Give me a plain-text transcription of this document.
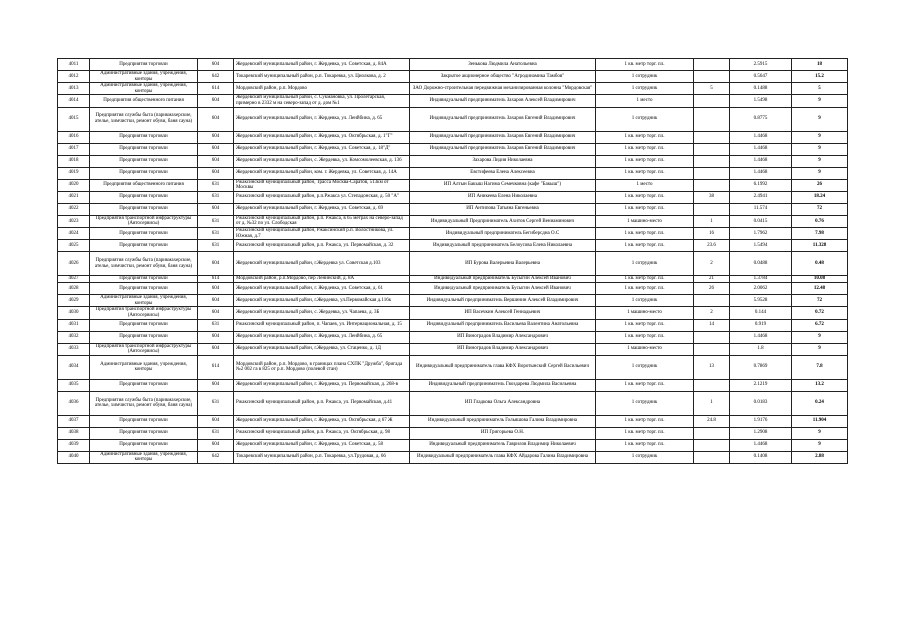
4011	Предприятия торговли	604	Жердевский муниципальный район, г. Жердевка, ул. Советская, д. 84А	Зенькова Людмила Анатольевна	1 кв. метр торг. пл.		2.5915	18
4012	Административные здания, учреждения, конторы	642	Токаревский муниципальный район, р.п. Токаревка, ул. Циолкова, д. 2	Закрытое акционерное общество "Агродинамика Тамбов"	1 сотрудник		0.5647	15.2
4013	Административные здания, учреждения, конторы	614	Мордовский район, р.п. Мордово	ЗАО Дорожно-строительная передвижная механизированная колонна "Мордовская"	1 сотрудник	5	0.1488	5
4014	Предприятия общественного питания	604	Жердевский муниципальный район, с. Сукмановка, ул. Пролетарская, примерно в 2332 м на северо-запад от д. дом №1	Индивидуальный предприниматель Захаров Алексей Владимирович	1 место		1.5498	9
4015	Предприятия службы быта (парикмахерские, ателье, химчистки, ремонт обуви, баня сауна)	604	Жердевский муниципальный район, г. Жердевка, ул. Ленйбина, д. 65	Индивидуальный предприниматель Захаров Евгений Владимирович	1 сотрудник		0.8775	9
4016	Предприятия торговли	604	Жердевский муниципальный район, г. Жердевка, ул. Октябрьская, д. 1"Г"	Индивидуальный предприниматель Захаров Евгений Владимирович	1 кв. метр торг. пл.		1.4468	9
4017	Предприятия торговли	604	Жердевский муниципальный район, г. Жердевка, ул. Советская, д. 18"Д"	Индивидуальный предприниматель Захаров Евгений Владимирович	1 кв. метр торг. пл.		1.4468	9
4018	Предприятия торговли	604	Жердевский муниципальный район, с. Жердевка, ул. Комсомолеевская, д. 136	Захарова Лидия Николаевна	1 кв. метр торг. пл.		1.4468	9
4019	Предприятия торговли	604	Жердевский муниципальный район, ком. г. Жердевка, ул. Советская, д. 14А	Евстифеева Елена Алексеевна	1 кв. метр торг. пл.		1.4468	9
4020	Предприятия общественного питания	631	Ржаксинский муниципальный район, Трасса Москва-Саратов, 513км от Москвы	ИП Алтын Бакыш Нагима Семечковна (кафе "Бакыш")	1 место		6.1992	26
4021	Предприятия торговли	631	Ржаксинский муниципальный район, р.п.Ржакса ул. Степадонская, д. 50 "А"	ИП Аникеева Елена Николаевна	1 кв. метр торг. пл.	38	2.4941	18.24
4022	Предприятия торговли	604	Жердевский муниципальный район, г. Жердевка, ул. Советская, д. 69	ИП Антипова Татьяна Евгеньевна	1 кв. метр торг. пл.		11.574	72
4023	Предприятия транспортной инфраструктуры (Автосервисы)	631	Ржаксинский муниципальный район, р.п. Ржакса, в 65 метрах на северо-запад от д. №32 по ул. Слободская	Индивидуальный Предприниматель Ахитов Сергей Вениаминович	1 машино-место	1	0.0415	0.76
4024	Предприятия торговли	631	Ржаксинский муниципальный район, Ржаксинский р.п. Волостникова, ул. Южная, д.7	Индивидуальный предприниматель Бегиберсдна О.С	1 кв. метр торг. пл.	16	1.7962	7.98
4025	Предприятия торговли	631	Ржаксинский муниципальный район, р.п. Ржакса, ул. Первомайская, д. 32	Индивидуальный предприниматель Белоусова Елена Николаевна	1 кв. метр торг. пл.	23.6	1.5494	11.328
4026	Предприятия службы быта (парикмахерские, ателье, химчистки, ремонт обуви, баня сауна)	604	Жердевский муниципальный район, г.Жердевка ул. Советская д.103	ИП Бурова Валерьевна Валерьевна	1 сотрудник	2	0.0488	0.48
4027	Предприятия торговли	614	Мордовский район, р.п.Мордово, пер Ленинский, д. 8А	Индивидуальный предприниматель Бусыгин Алексей Иванович	1 кв. метр торг. пл.	21	1.3784	10.08
4028	Предприятия торговли	604	Жердевский муниципальный район, г. Жердевка, ул. Советская, д. 61	Индивидуальный предприниматель Бусыгин Алексей Иванович	1 кв. метр торг. пл.	26	2.0062	12.48
4029	Административные здания, учреждения, конторы	604	Жердевский муниципальный район, г.Жердевка, ул.Первомайская д.116к	Индивидуальный предприниматель Вершинин Алексей Владимирович	1 сотрудник		5.9528	72
4030	Предприятия транспортной инфраструктуры (Автосервисы)	604	Жердевский муниципальный район, с. Жердевка, ул. Чапаева, д. 3Б	ИП Васечкин Алексей Геннадьевич	1 машино-место	2	0.144	0.72
4031	Предприятия торговли	631	Ржаксинский муниципальный район, п. Чапаев, ул. Интернациональная, д. 15	Индивидуальный предприниматель Васильева Валентина Анатольевна	1 кв. метр торг. пл.	14	0.919	6.72
4032	Предприятия торговли	604	Жердевский муниципальный район, г. Жердевка, ул. Ленйбина, д. 65	ИП Виноградов Владимир Александрович	1 кв. метр торг. пл.		1.4468	9
4033	Предприятия транспортной инфраструктуры (Автосервисы)	604	Жердевский муниципальный район, г.Жердевка, ул. Стаценко, д. 1Д	ИП Виноградов Владимир Александрович	1 машино-место		1.8	9
4034	Административные здания, учреждения, конторы	614	Мордовский район, р.п. Мордово, в границах плана СХПК "Дружба", бригада №2 002 га в 825 от р.п. Мордово (полевой стан)	Индивидуальный предприниматель глава КФХ Воротынский Сергей Васильевич	1 сотрудник	13	0.7869	7.8
4035	Предприятия торговли	604	Жердевский муниципальный район, г. Жердевка, ул. Первомайская, д. 268-в	Индивидуальный предприниматель Гвоздарева Людмила Васильевна	1 кв. метр торг. пл.		2.1219	13.2
4036	Предприятия службы быта (парикмахерские, ателье, химчистки, ремонт обуви, баня сауна)	631	Ржаксинский муниципальный район, р.п. Ржакса, ул. Первомайская, д.41	ИП Гладкова Ольга Александровна	1 сотрудник	1	0.0183	0.24
4037	Предприятия торговли	604	Жердевский муниципальный район, г. Жердевка, ул. Октябрьская, д 67 Ж	Индивидуальный предприниматель Гольяшова Галина Владимировна	1 кв. метр торг. пл.	24.8	1.9176	11.904
4038	Предприятия торговли	631	Ржаксинский муниципальный район, р.п. Ржакса, ул. Октябрьская, д. 98	ИП Григорьева О.Н.	1 кв. метр торг. пл.		1.2908	9
4039	Предприятия торговли	604	Жердевский муниципальный район, г. Жердевка, ул. Советская, д. 58	Индивидуальный предприниматель Гаврилов Владимир Николаевич	1 кв. метр торг. пл.		1.4468	9
4040	Административные здания, учреждения, конторы	642	Токаревский муниципальный район, р.п. Токаревка, ул.Трудовая, д. 66	Индивидуальный предприниматель глава КФХ Айдарова Галина Владимировна	1 сотрудник		0.1408	2.88
